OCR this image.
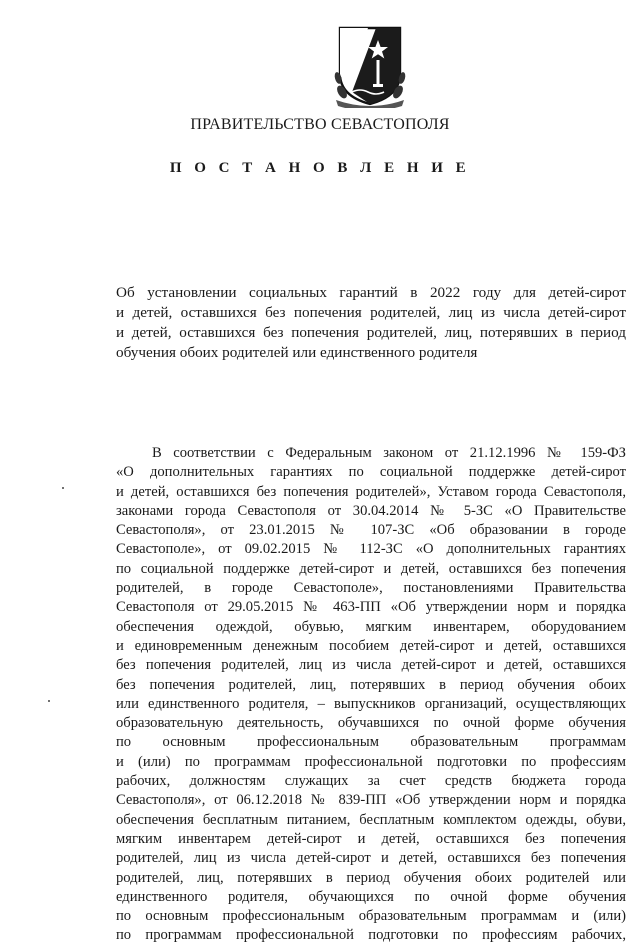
ПРАВИТЕЛЬСТВО СЕВАСТОПОЛЯ
П О С Т А Н О В Л Е Н И Е
Об установлении социальных гарантий в 2022 году для детей-сирот
и детей, оставшихся без попечения родителей, лиц из числа детей-сирот
и детей, оставшихся без попечения родителей, лиц, потерявших в период
обучения обоих родителей или единственного родителя
В соответствии с Федеральным законом от 21.12.1996 № 159-ФЗ
«О дополнительных гарантиях по социальной поддержке детей-сирот
и детей, оставшихся без попечения родителей», Уставом города Севастополя,
законами города Севастополя от 30.04.2014 № 5-ЗС «О Правительстве
Севастополя», от 23.01.2015 № 107-ЗС «Об образовании в городе
Севастополе», от 09.02.2015 № 112-ЗС «О дополнительных гарантиях
по социальной поддержке детей-сирот и детей, оставшихся без попечения
родителей, в городе Севастополе», постановлениями Правительства
Севастополя от 29.05.2015 № 463-ПП «Об утверждении норм и порядка
обеспечения одеждой, обувью, мягким инвентарем, оборудованием
и единовременным денежным пособием детей-сирот и детей, оставшихся
без попечения родителей, лиц из числа детей-сирот и детей, оставшихся
без попечения родителей, лиц, потерявших в период обучения обоих
или единственного родителя, – выпускников организаций, осуществляющих
образовательную деятельность, обучавшихся по очной форме обучения
по основным профессиональным образовательным программам
и (или) по программам профессиональной подготовки по профессиям
рабочих, должностям служащих за счет средств бюджета города
Севастополя», от 06.12.2018 № 839-ПП «Об утверждении норм и порядка
обеспечения бесплатным питанием, бесплатным комплектом одежды, обуви,
мягким инвентарем детей-сирот и детей, оставшихся без попечения
родителей, лиц из числа детей-сирот и детей, оставшихся без попечения
родителей, лиц, потерявших в период обучения обоих родителей или
единственного родителя, обучающихся по очной форме обучения
по основным профессиональным образовательным программам и (или)
по программам профессиональной подготовки по профессиям рабочих,
